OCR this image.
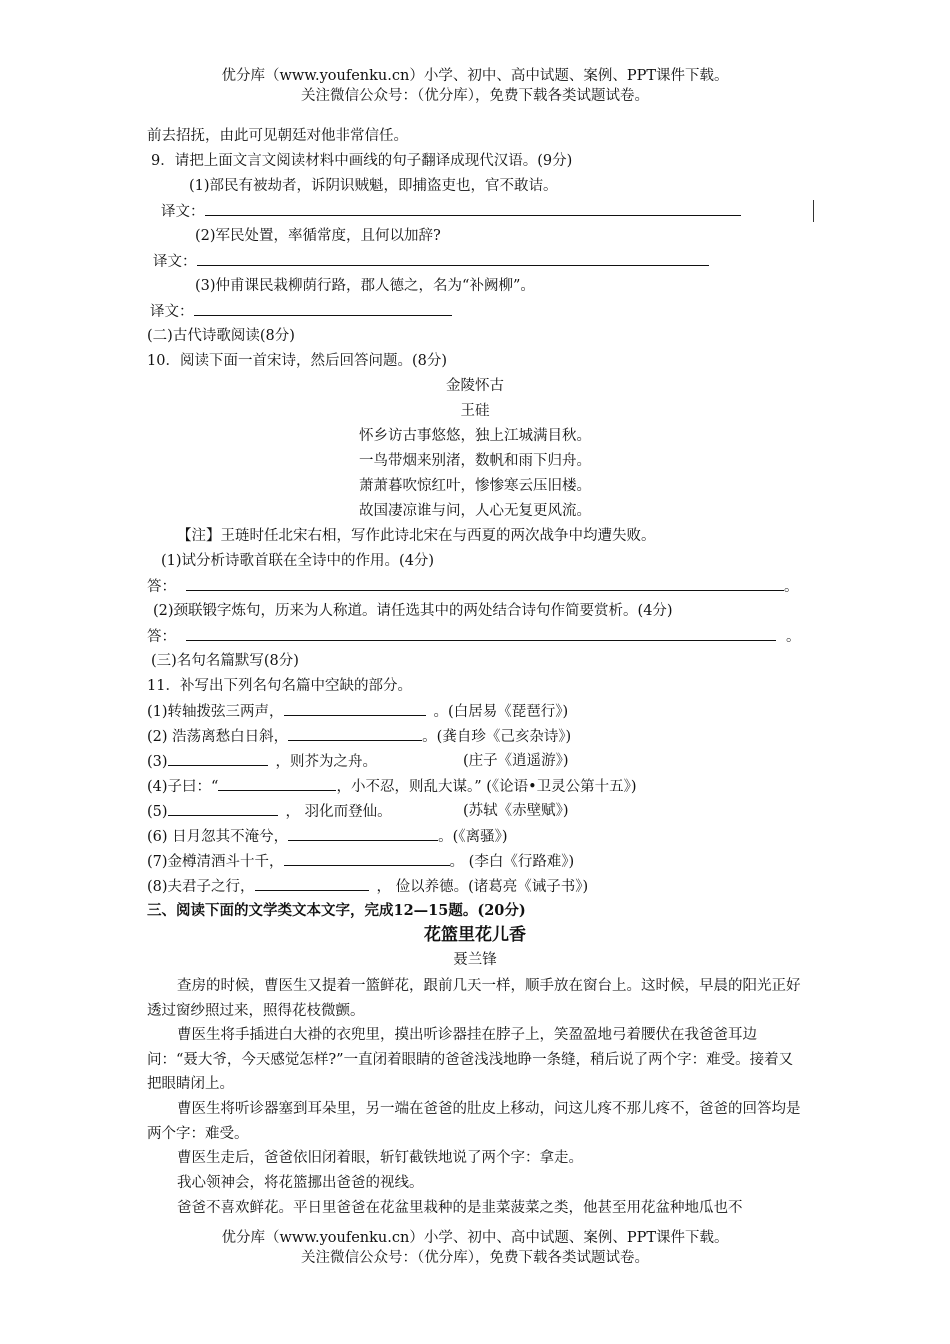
优分库（www.youfenku.cn）小学、初中、高中试题、案例、PPT课件下载。
关注微信公众号：（优分库），免费下载各类试题试卷。
前去招抚，由此可见朝廷对他非常信任。
9．请把上面文言文阅读材料中画线的句子翻译成现代汉语。(9分)
(1)部民有被劫者，诉阴识贼魁，即捕盗吏也，官不敢诘。
译文：
(2)军民处置，率循常度，且何以加辞?
译文：
(3)仲甫课民栽柳荫行路，郡人德之，名为“补阙柳”。
译文：
(二)古代诗歌阅读(8分)
10．阅读下面一首宋诗，然后回答问题。(8分)
金陵怀古
王硅
怀乡访古事悠悠，独上江城满目秋。
一鸟带烟来别渚，数帆和雨下归舟。
萧萧暮吹惊红叶，惨惨寒云压旧楼。
故国凄凉谁与问，人心无复更风流。
【注】王琏时任北宋右相，写作此诗北宋在与西夏的两次战争中均遭失败。
(1)试分析诗歌首联在全诗中的作用。(4分)
答：	。
(2)颈联锻字炼句，历来为人称道。请任选其中的两处结合诗句作简要赏析。(4分)
答：	。
(三)名句名篇默写(8分)
11．补写出下列名句名篇中空缺的部分。
(1)转轴拨弦三两声，	。(白居易《琵琶行》)
(2) 浩荡离愁白日斜，	。(龚自珍《己亥杂诗》)
(3)	，则芥为之舟。	(庄子《逍遥游》)
(4)子曰：“	，小不忍，则乱大谋。” (《论语•卫灵公第十五》)
(5)	， 羽化而登仙。	(苏轼《赤壁赋》)
(6) 日月忽其不淹兮，	。(《离骚》)
(7)金樽清酒斗十千，	。 (李白《行路难》)
(8)夫君子之行，	， 俭以养德。(诸葛亮《诫子书》)
三、阅读下面的文学类文本文字，完成12—15题。(20分)
花篮里花儿香
聂兰锋
查房的时候，曹医生又提着一篮鲜花，跟前几天一样，顺手放在窗台上。这时候，早晨的阳光正好透过窗纱照过来，照得花枝微颤。
曹医生将手插进白大褂的衣兜里，摸出听诊器挂在脖子上，笑盈盈地弓着腰伏在我爸爸耳边问：“聂大爷，今天感觉怎样?”一直闭着眼睛的爸爸浅浅地睁一条缝，稍后说了两个字：难受。接着又把眼睛闭上。
曹医生将听诊器塞到耳朵里，另一端在爸爸的肚皮上移动，问这儿疼不那儿疼不，爸爸的回答均是两个字：难受。
曹医生走后，爸爸依旧闭着眼，斩钉截铁地说了两个字：拿走。
我心领神会，将花篮挪出爸爸的视线。
爸爸不喜欢鲜花。平日里爸爸在花盆里栽种的是韭菜菠菜之类，他甚至用花盆种地瓜也不
优分库（www.youfenku.cn）小学、初中、高中试题、案例、PPT课件下载。
关注微信公众号：（优分库），免费下载各类试题试卷。
